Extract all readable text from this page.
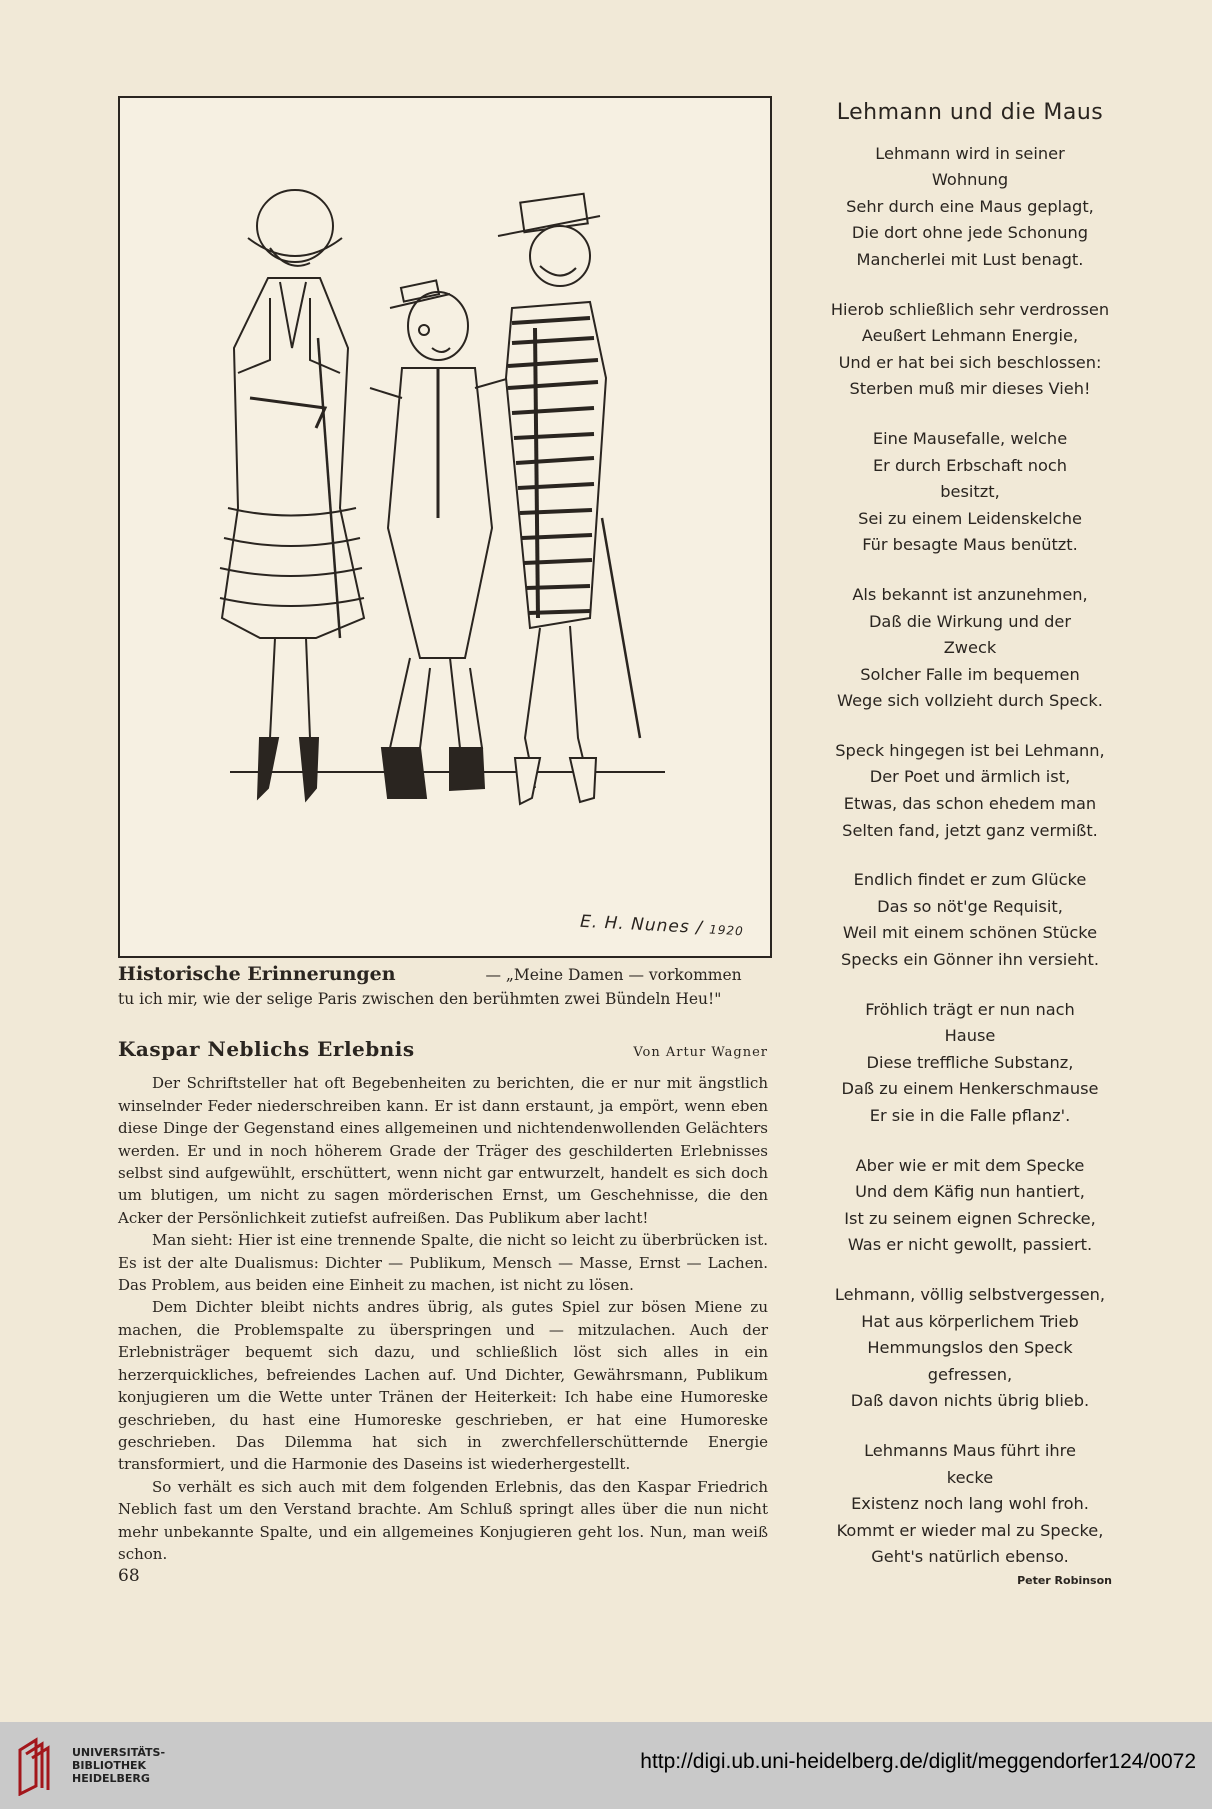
E. H. Nunes / 1920
Historische Erinnerungen	— „Meine Damen — vorkommen
tu ich mir, wie der selige Paris zwischen den berühmten zwei Bündeln Heu!"
Kaspar Neblichs Erlebnis	Von Artur Wagner

Der Schriftsteller hat oft Begebenheiten zu berichten, die er nur mit ängstlich winselnder Feder niederschreiben kann. Er ist dann erstaunt, ja empört, wenn eben diese Dinge der Gegenstand eines allgemeinen und nichtendenwollenden Gelächters werden. Er und in noch höherem Grade der Träger des geschilderten Erlebnisses selbst sind aufgewühlt, erschüttert, wenn nicht gar entwurzelt, handelt es sich doch um blutigen, um nicht zu sagen mörderischen Ernst, um Geschehnisse, die den Acker der Persönlichkeit zutiefst aufreißen. Das Publikum aber lacht!

Man sieht: Hier ist eine trennende Spalte, die nicht so leicht zu überbrücken ist. Es ist der alte Dualismus: Dichter — Publikum, Mensch — Masse, Ernst — Lachen. Das Problem, aus beiden eine Einheit zu machen, ist nicht zu lösen.

Dem Dichter bleibt nichts andres übrig, als gutes Spiel zur bösen Miene zu machen, die Problemspalte zu überspringen und — mitzulachen. Auch der Erlebnisträger bequemt sich dazu, und schließlich löst sich alles in ein herzerquickliches, befreiendes Lachen auf. Und Dichter, Gewährsmann, Publikum konjugieren um die Wette unter Tränen der Heiterkeit: Ich habe eine Humoreske geschrieben, du hast eine Humoreske geschrieben, er hat eine Humoreske geschrieben. Das Dilemma hat sich in zwerchfellerschütternde Energie transformiert, und die Harmonie des Daseins ist wiederhergestellt.

So verhält es sich auch mit dem folgenden Erlebnis, das den Kaspar Friedrich Neblich fast um den Verstand brachte. Am Schluß springt alles über die nun nicht mehr unbekannte Spalte, und ein allgemeines Konjugieren geht los. Nun, man weiß schon.

68
Lehmann und die Maus
Lehmann wird in seiner
Wohnung
Sehr durch eine Maus geplagt,
Die dort ohne jede Schonung
Mancherlei mit Lust benagt.
Hierob schließlich sehr verdrossen
Aeußert Lehmann Energie,
Und er hat bei sich beschlossen:
Sterben muß mir dieses Vieh!
Eine Mausefalle, welche
Er durch Erbschaft noch
besitzt,
Sei zu einem Leidenskelche
Für besagte Maus benützt.
Als bekannt ist anzunehmen,
Daß die Wirkung und der
Zweck
Solcher Falle im bequemen
Wege sich vollzieht durch Speck.
Speck hingegen ist bei Lehmann,
Der Poet und ärmlich ist,
Etwas, das schon ehedem man
Selten fand, jetzt ganz vermißt.
Endlich findet er zum Glücke
Das so nöt'ge Requisit,
Weil mit einem schönen Stücke
Specks ein Gönner ihn versieht.
Fröhlich trägt er nun nach
Hause
Diese treffliche Substanz,
Daß zu einem Henkerschmause
Er sie in die Falle pflanz'.
Aber wie er mit dem Specke
Und dem Käfig nun hantiert,
Ist zu seinem eignen Schrecke,
Was er nicht gewollt, passiert.
Lehmann, völlig selbstvergessen,
Hat aus körperlichem Trieb
Hemmungslos den Speck
gefressen,
Daß davon nichts übrig blieb.
Lehmanns Maus führt ihre
kecke
Existenz noch lang wohl froh.
Kommt er wieder mal zu Specke,
Geht's natürlich ebenso.
Peter Robinson
UNIVERSITÄTS-
BIBLIOTHEK
HEIDELBERG
http://digi.ub.uni-heidelberg.de/diglit/meggendorfer124/0072
